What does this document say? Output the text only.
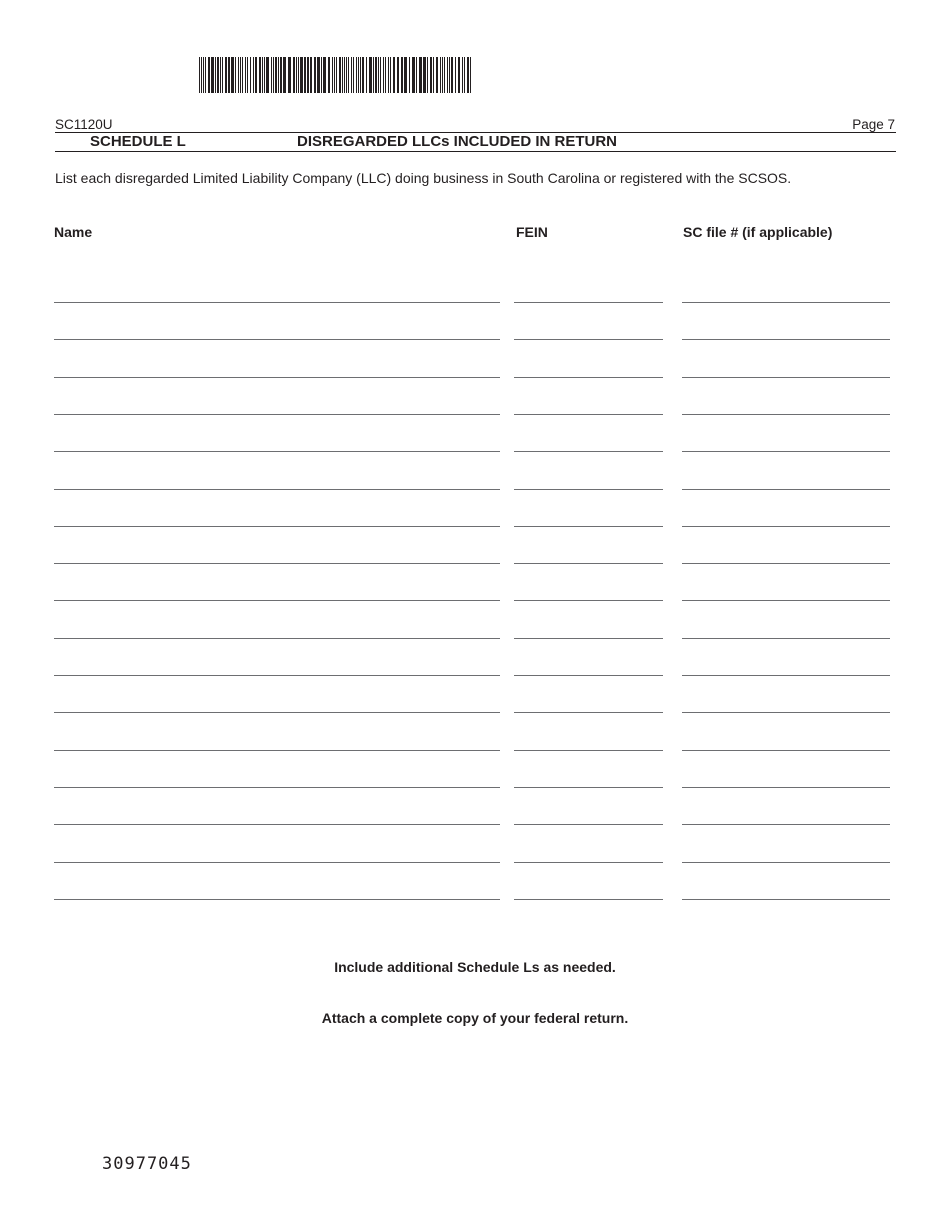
SC1120U	Page 7
SCHEDULE L	DISREGARDED LLCs INCLUDED IN RETURN
List each disregarded Limited Liability Company (LLC) doing business in South Carolina or registered with the SCSOS.
Name	FEIN	SC file # (if applicable)
Include additional Schedule Ls as needed.
Attach a complete copy of your federal return.
30977045
